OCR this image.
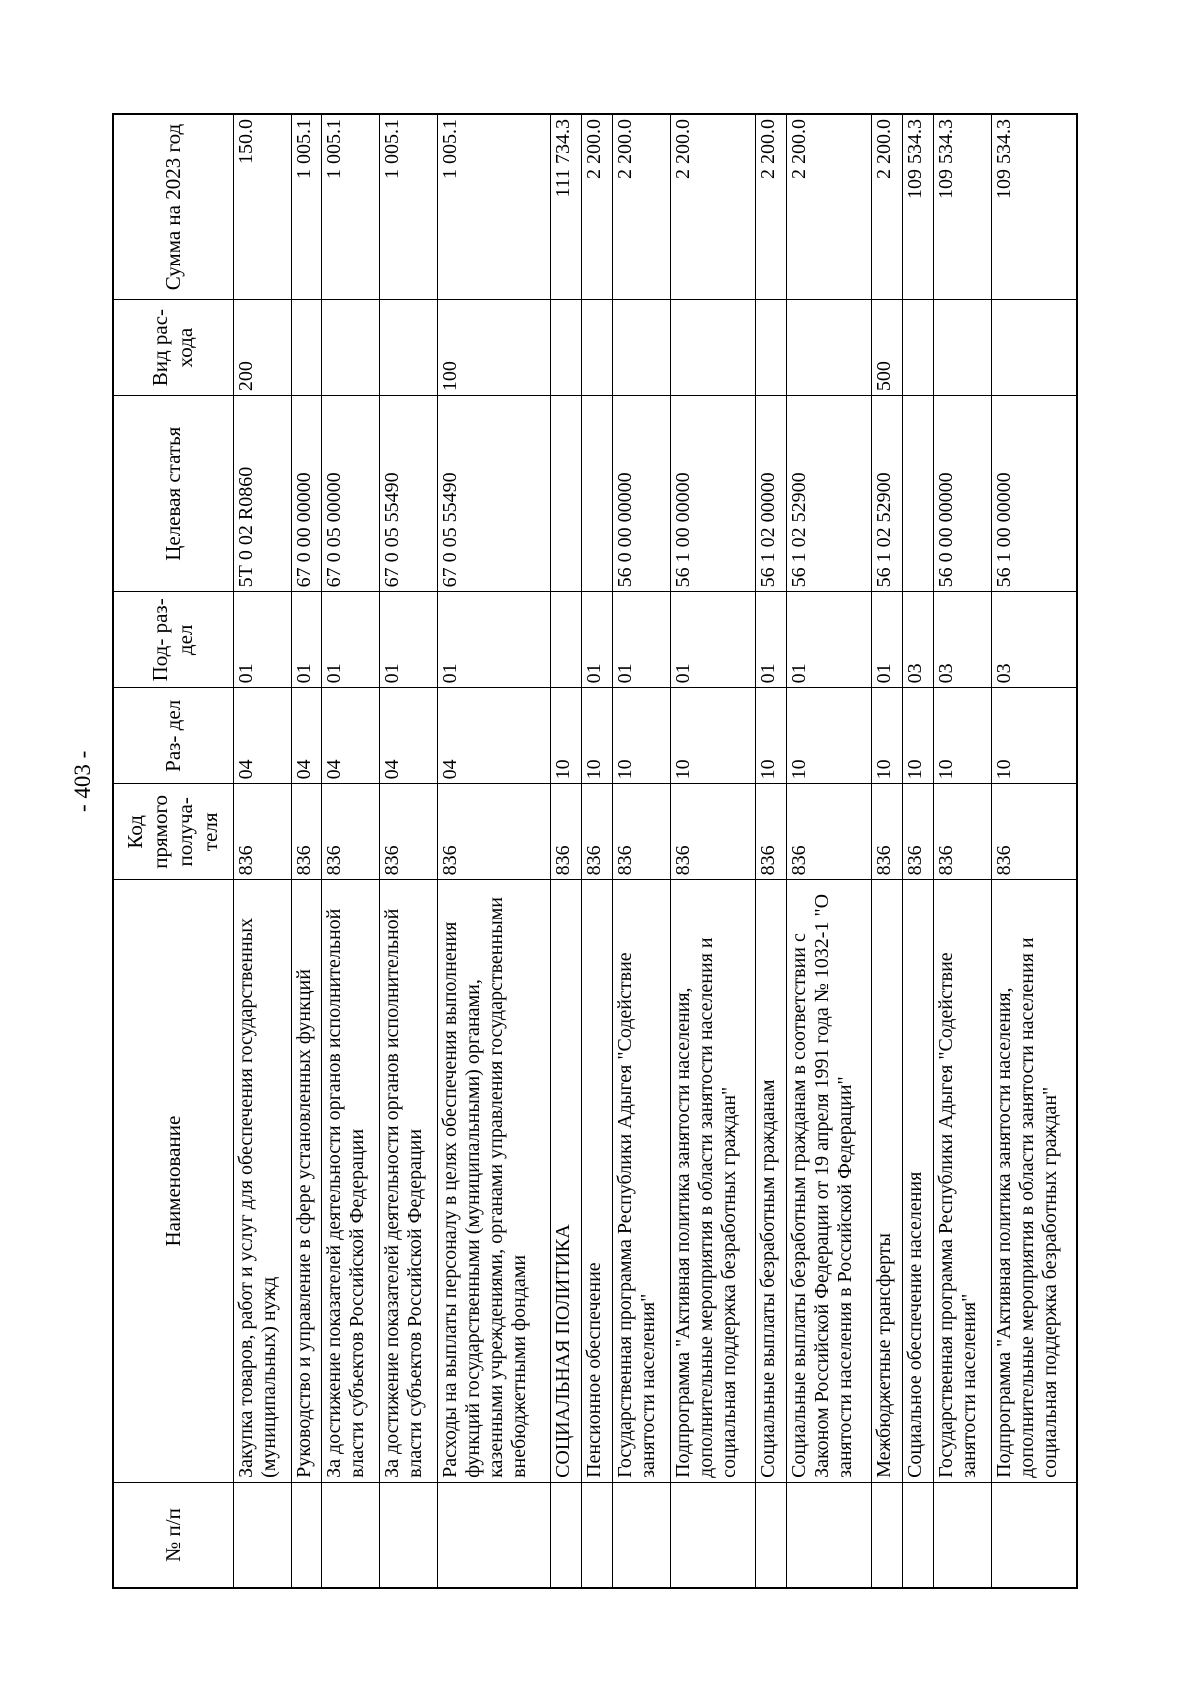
- 403 -
№ п/п	Наименование	Код прямого получа- теля	Раз- дел	Под- раз- дел	Целевая статья	Вид рас- хода	Сумма на 2023 год
	Закупка товаров, работ и услуг для обеспечения государственных (муниципальных) нужд	836	04	01	5Т 0 02 R0860	200	150.0
	Руководство и управление в сфере установленных функций	836	04	01	67 0 00 00000		1 005.1
	За достижение показателей деятельности органов исполнительной власти субъектов Российской Федерации	836	04	01	67 0 05 00000		1 005.1
	За достижение показателей деятельности органов исполнительной власти субъектов Российской Федерации	836	04	01	67 0 05 55490		1 005.1
	Расходы на выплаты персоналу в целях обеспечения выполнения функций государственными (муниципальными) органами, казенными учреждениями, органами управления государственными внебюджетными фондами	836	04	01	67 0 05 55490	100	1 005.1
	СОЦИАЛЬНАЯ ПОЛИТИКА	836	10				111 734.3
	Пенсионное обеспечение	836	10	01			2 200.0
	Государственная программа Республики Адыгея "Содействие занятости населения"	836	10	01	56 0 00 00000		2 200.0
	Подпрограмма "Активная политика занятости населения, дополнительные мероприятия в области занятости населения и социальная поддержка безработных граждан"	836	10	01	56 1 00 00000		2 200.0
	Социальные выплаты безработным гражданам	836	10	01	56 1 02 00000		2 200.0
	Социальные выплаты безработным гражданам в соответствии с Законом Российской Федерации от 19 апреля 1991 года № 1032-1 "О занятости населения в Российской Федерации"	836	10	01	56 1 02 52900		2 200.0
	Межбюджетные трансферты	836	10	01	56 1 02 52900	500	2 200.0
	Социальное обеспечение населения	836	10	03			109 534.3
	Государственная программа Республики Адыгея "Содействие занятости населения"	836	10	03	56 0 00 00000		109 534.3
	Подпрограмма "Активная политика занятости населения, дополнительные мероприятия в области занятости населения и социальная поддержка безработных граждан"	836	10	03	56 1 00 00000		109 534.3
